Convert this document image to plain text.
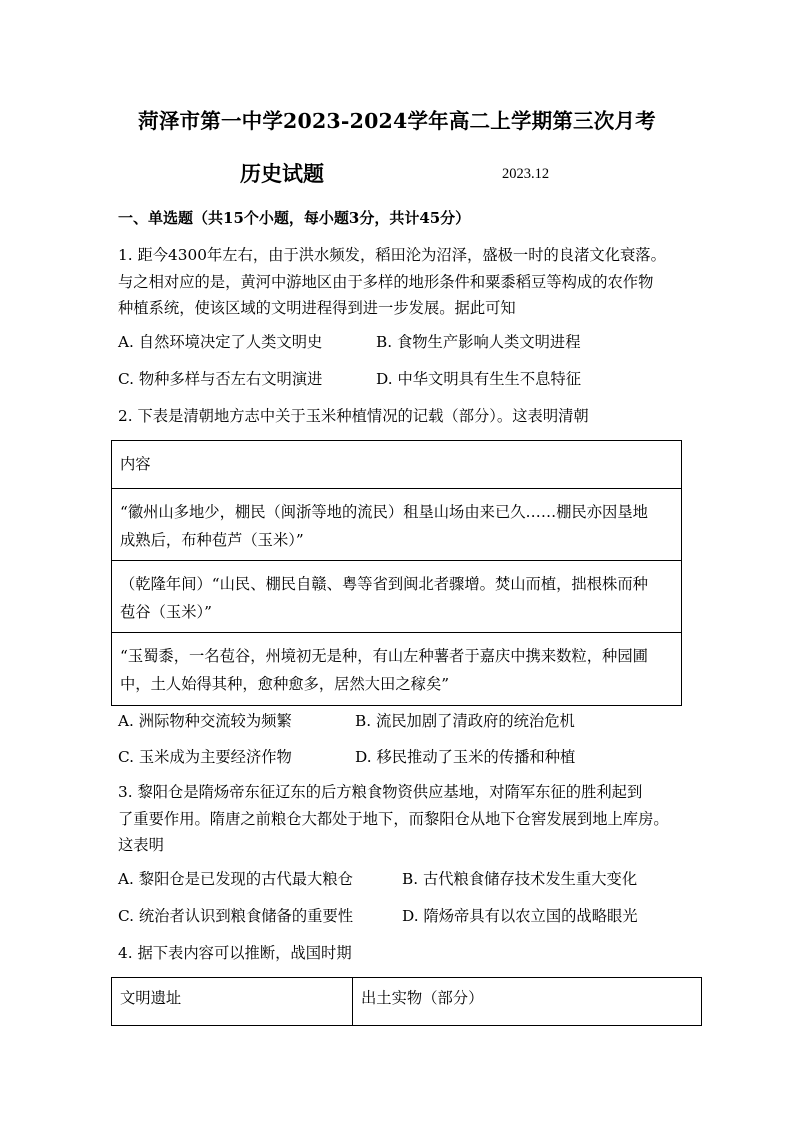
菏泽市第一中学2023-2024学年高二上学期第三次月考
历史试题	2023.12
一、单选题（共15个小题，每小题3分，共计45分）
1. 距今4300年左右，由于洪水频发，稻田沦为沼泽，盛极一时的良渚文化衰落。
与之相对应的是，黄河中游地区由于多样的地形条件和粟黍稻豆等构成的农作物
种植系统，使该区域的文明进程得到进一步发展。据此可知
A. 自然环境决定了人类文明史	B. 食物生产影响人类文明进程
C. 物种多样与否左右文明演进	D. 中华文明具有生生不息特征
2. 下表是清朝地方志中关于玉米种植情况的记载（部分）。这表明清朝
内容

“徽州山多地少，棚民（闽浙等地的流民）租垦山场由来已久……棚民亦因垦地
成熟后，布种苞芦（玉米）”

（乾隆年间）“山民、棚民自赣、粤等省到闽北者骤增。焚山而植，拙根株而种
苞谷（玉米）”

“玉蜀黍，一名苞谷，州境初无是种，有山左种薯者于嘉庆中携来数粒，种园圃
中，土人始得其种，愈种愈多，居然大田之稼矣”
A. 洲际物种交流较为频繁	B. 流民加剧了清政府的统治危机
C. 玉米成为主要经济作物	D. 移民推动了玉米的传播和种植
3. 黎阳仓是隋炀帝东征辽东的后方粮食物资供应基地，对隋军东征的胜利起到
了重要作用。隋唐之前粮仓大都处于地下，而黎阳仓从地下仓窖发展到地上库房。
这表明
A. 黎阳仓是已发现的古代最大粮仓	B. 古代粮食储存技术发生重大变化
C. 统治者认识到粮食储备的重要性	D. 隋炀帝具有以农立国的战略眼光
4. 据下表内容可以推断，战国时期
文明遗址	出土实物（部分）
